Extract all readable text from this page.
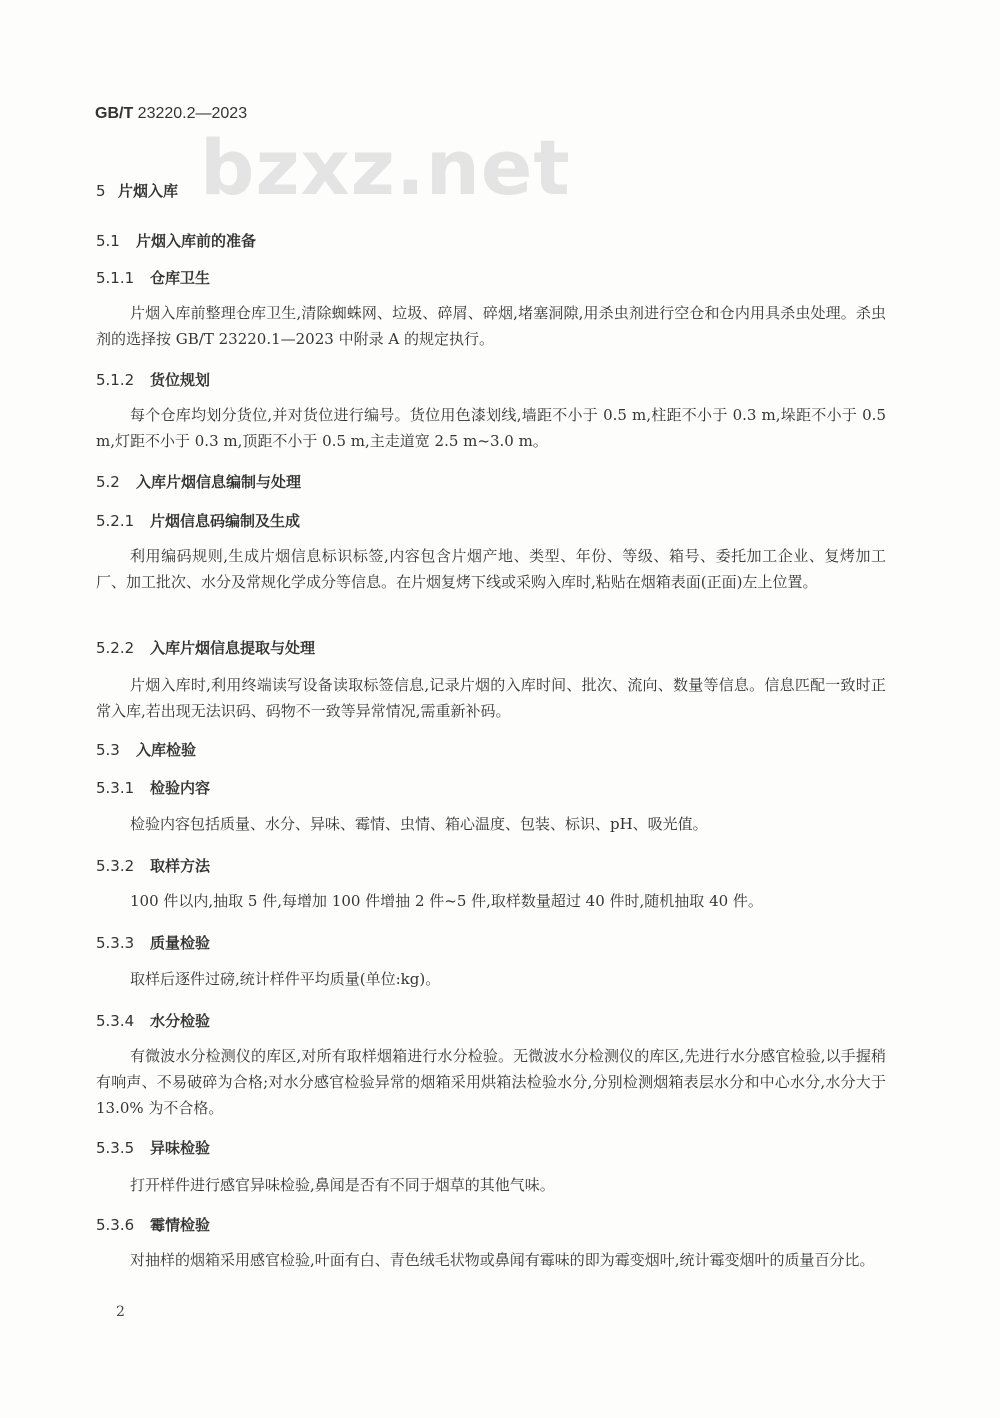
bzxz.net
GB/T 23220.2—2023
5 片烟入库
5.1 片烟入库前的准备
5.1.1 仓库卫生
片烟入库前整理仓库卫生,清除蜘蛛网、垃圾、碎屑、碎烟,堵塞洞隙,用杀虫剂进行空仓和仓内用具杀虫处理。杀虫剂的选择按 GB/T 23220.1—2023 中附录 A 的规定执行。
5.1.2 货位规划
每个仓库均划分货位,并对货位进行编号。货位用色漆划线,墙距不小于 0.5 m,柱距不小于 0.3 m,垛距不小于 0.5 m,灯距不小于 0.3 m,顶距不小于 0.5 m,主走道宽 2.5 m~3.0 m。
5.2 入库片烟信息编制与处理
5.2.1 片烟信息码编制及生成
利用编码规则,生成片烟信息标识标签,内容包含片烟产地、类型、年份、等级、箱号、委托加工企业、复烤加工厂、加工批次、水分及常规化学成分等信息。在片烟复烤下线或采购入库时,粘贴在烟箱表面(正面)左上位置。
5.2.2 入库片烟信息提取与处理
片烟入库时,利用终端读写设备读取标签信息,记录片烟的入库时间、批次、流向、数量等信息。信息匹配一致时正常入库,若出现无法识码、码物不一致等异常情况,需重新补码。
5.3 入库检验
5.3.1 检验内容
检验内容包括质量、水分、异味、霉情、虫情、箱心温度、包装、标识、pH、吸光值。
5.3.2 取样方法
100 件以内,抽取 5 件,每增加 100 件增抽 2 件~5 件,取样数量超过 40 件时,随机抽取 40 件。
5.3.3 质量检验
取样后逐件过磅,统计样件平均质量(单位:kg)。
5.3.4 水分检验
有微波水分检测仪的库区,对所有取样烟箱进行水分检验。无微波水分检测仪的库区,先进行水分感官检验,以手握稍有响声、不易破碎为合格;对水分感官检验异常的烟箱采用烘箱法检验水分,分别检测烟箱表层水分和中心水分,水分大于 13.0% 为不合格。
5.3.5 异味检验
打开样件进行感官异味检验,鼻闻是否有不同于烟草的其他气味。
5.3.6 霉情检验
对抽样的烟箱采用感官检验,叶面有白、青色绒毛状物或鼻闻有霉味的即为霉变烟叶,统计霉变烟叶的质量百分比。
2
